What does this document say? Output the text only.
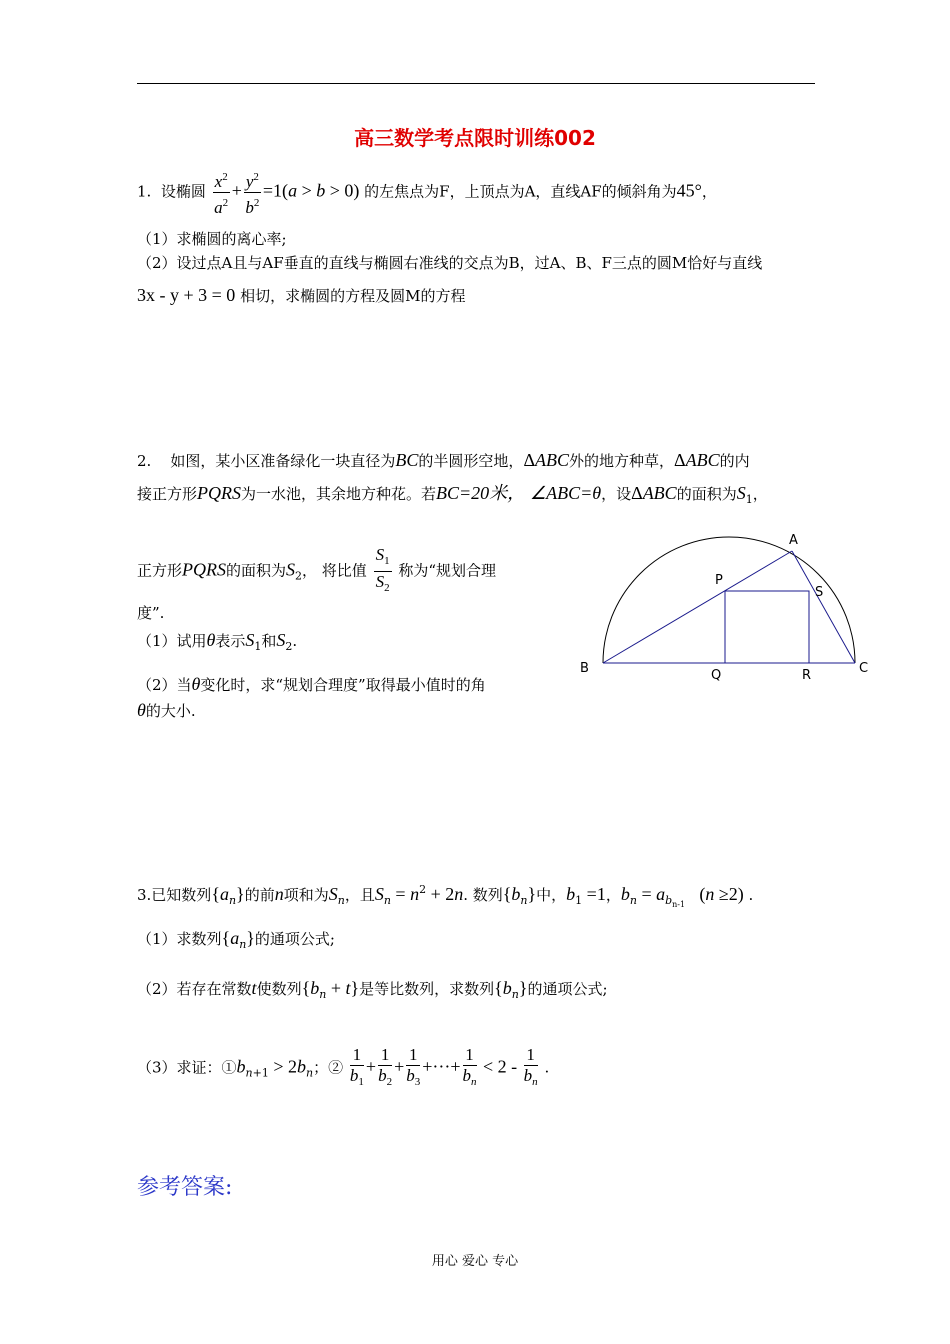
高三数学考点限时训练002
1. 设椭圆 $\frac{x^2}{a^2} + \frac{y^2}{b^2} =1(a > b > 0)$ 的左焦点为F，上顶点为A，直线AF的倾斜角为45°，
（1）求椭圆的离心率;
（2）设过点A且与AF垂直的直线与椭圆右准线的交点为B，过A、B、F三点的圆M恰好与直线
3x - y + 3 = 0 相切，求椭圆的方程及圆M的方程
2. 如图，某小区准备绿化一块直径为BC的半圆形空地，ΔABC外的地方种草，ΔABC的内
接正方形PQRS为一水池，其余地方种花。若BC=20米， ∠ABC=θ，设ΔABC的面积为$S_1$，
正方形PQRS的面积为$S_2$， 将比值 $\frac{S_1}{S_2}$ 称为“规划合理
度”.
（1）试用θ表示$S_1$和$S_2$.
（2）当θ变化时，求“规划合理度”取得最小值时的角
θ的大小.
A
P
S
B	Q	R	C
3.已知数列$\{a_n\}$的前n项和为$S_n$，且$S_n = n^2 + 2n$. 数列$\{b_n\}$中，$b_1 =1$，$b_n = a_{b_{n-1}}$   (n ≥2) .
（1）求数列$\{a_n\}$的通项公式;
（2）若存在常数t使数列$\{b_n + t\}$是等比数列，求数列$\{b_n\}$的通项公式;
（3）求证：$①b_{n+1} > 2b_n$；② $\frac{1}{b_1} + \frac{1}{b_2} + \frac{1}{b_3}$ +···+ $\frac{1}{b_n} < 2 - \frac{1}{b_n}$ .
参考答案:
用心 爱心 专心
